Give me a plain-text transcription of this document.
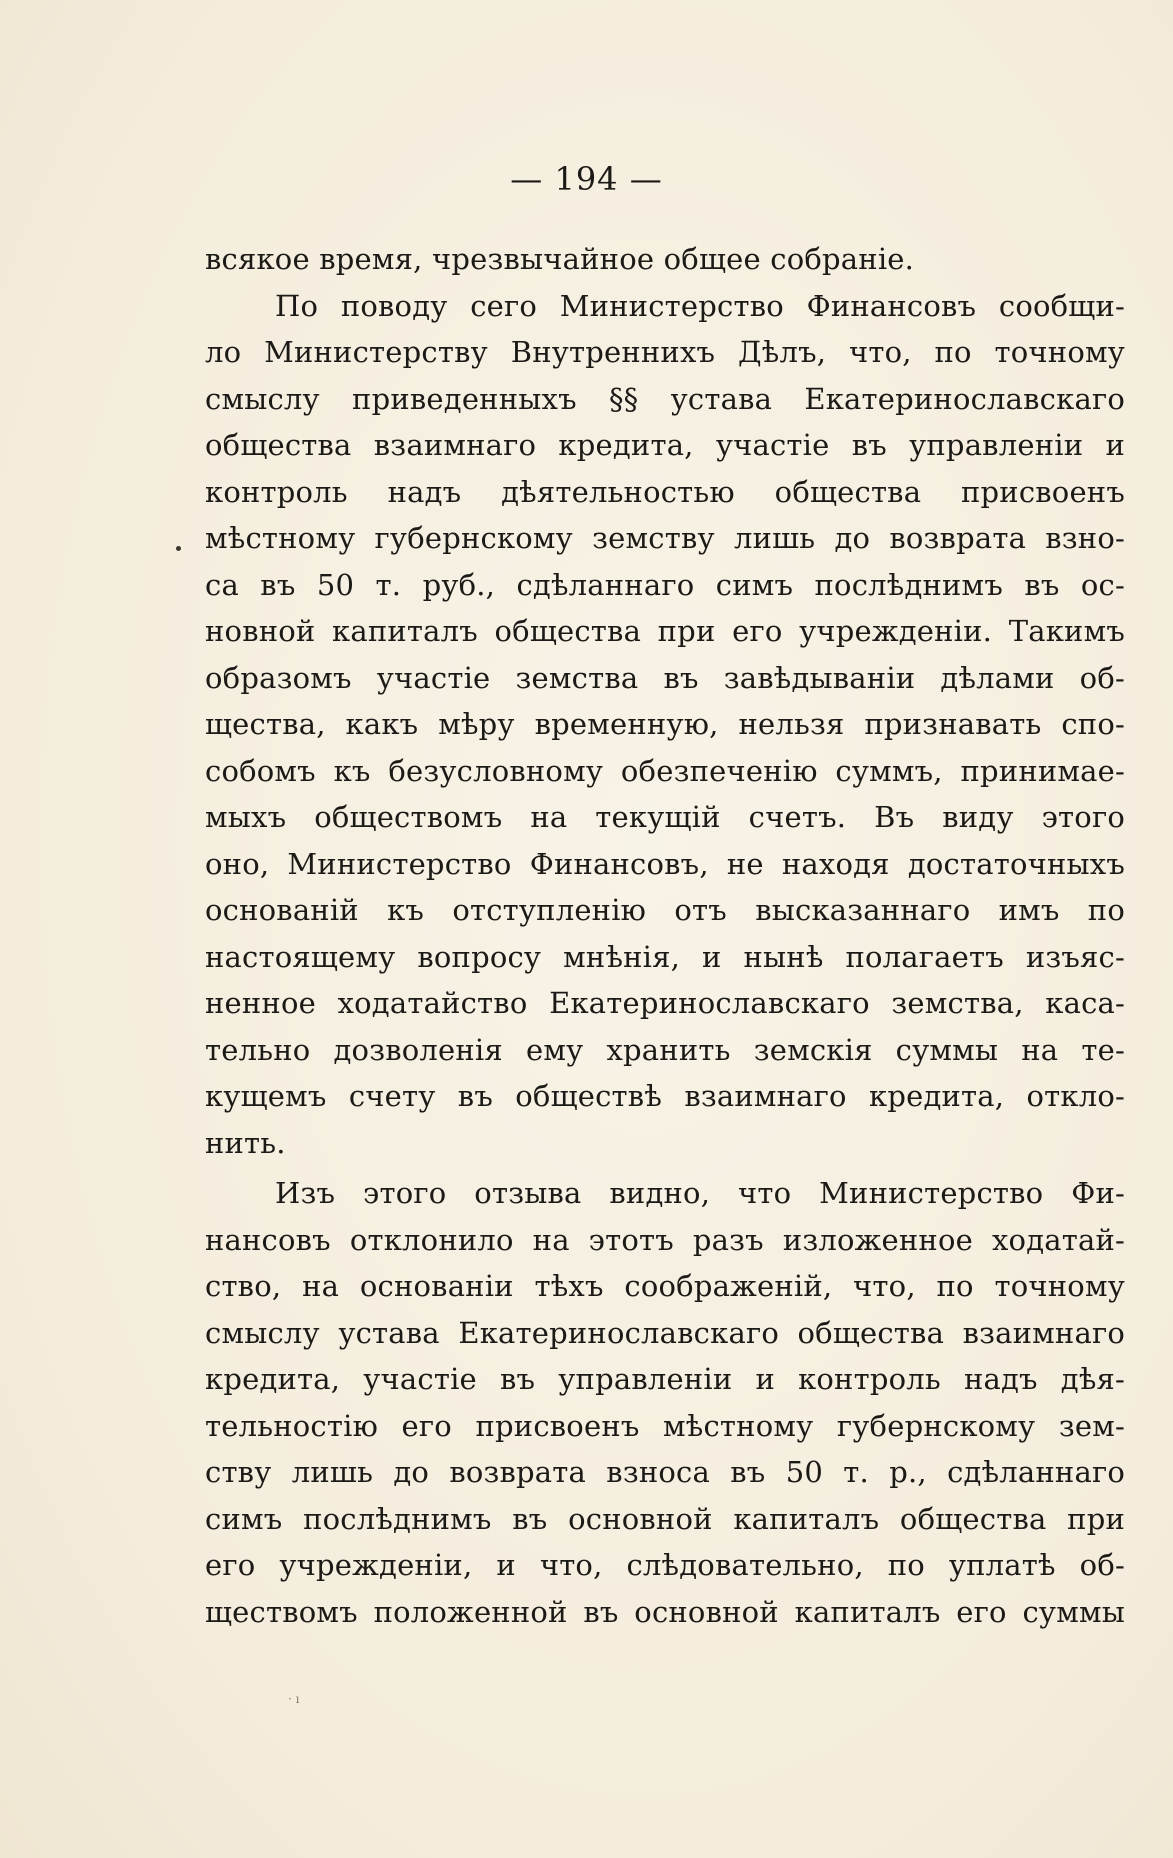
— 194 —
всякое время, чрезвычайное общее собранiе.
По поводу сего Министерство Финансовъ сообщи-
ло Министерству Внутреннихъ Дѣлъ, что, по точному
смыслу приведенныхъ §§ устава Екатеринославскаго
общества взаимнаго кредита, участiе въ управленiи и
контроль надъ дѣятельностью общества присвоенъ
мѣстному губернскому земству лишь до возврата взно-
са въ 50 т. руб., сдѣланнаго симъ послѣднимъ въ ос-
новной капиталъ общества при его учрежденiи. Такимъ
образомъ участiе земства въ завѣдыванiи дѣлами об-
щества, какъ мѣру временную, нельзя признавать спо-
собомъ къ безусловному обезпеченiю суммъ, принимае-
мыхъ обществомъ на текущiй счетъ. Въ виду этого
оно, Министерство Финансовъ, не находя достаточныхъ
основанiй къ отступленiю отъ высказаннаго имъ по
настоящему вопросу мнѣнiя, и нынѣ полагаетъ изъяс-
ненное ходатайство Екатеринославскаго земства, каса-
тельно дозволенiя ему хранить земскiя суммы на те-
кущемъ счету въ обществѣ взаимнаго кредита, откло-
нить.
Изъ этого отзыва видно, что Министерство Фи-
нансовъ отклонило на этотъ разъ изложенное ходатай-
ство, на основанiи тѣхъ соображенiй, что, по точному
смыслу устава Екатеринославскаго общества взаимнаго
кредита, участiе въ управленiи и контроль надъ дѣя-
тельностiю его присвоенъ мѣстному губернскому зем-
ству лишь до возврата взноса въ 50 т. р., сдѣланнаго
симъ послѣднимъ въ основной капиталъ общества при
его учрежденiи, и что, слѣдовательно, по уплатѣ об-
ществомъ положенной въ основной капиталъ его суммы
‧ ı
